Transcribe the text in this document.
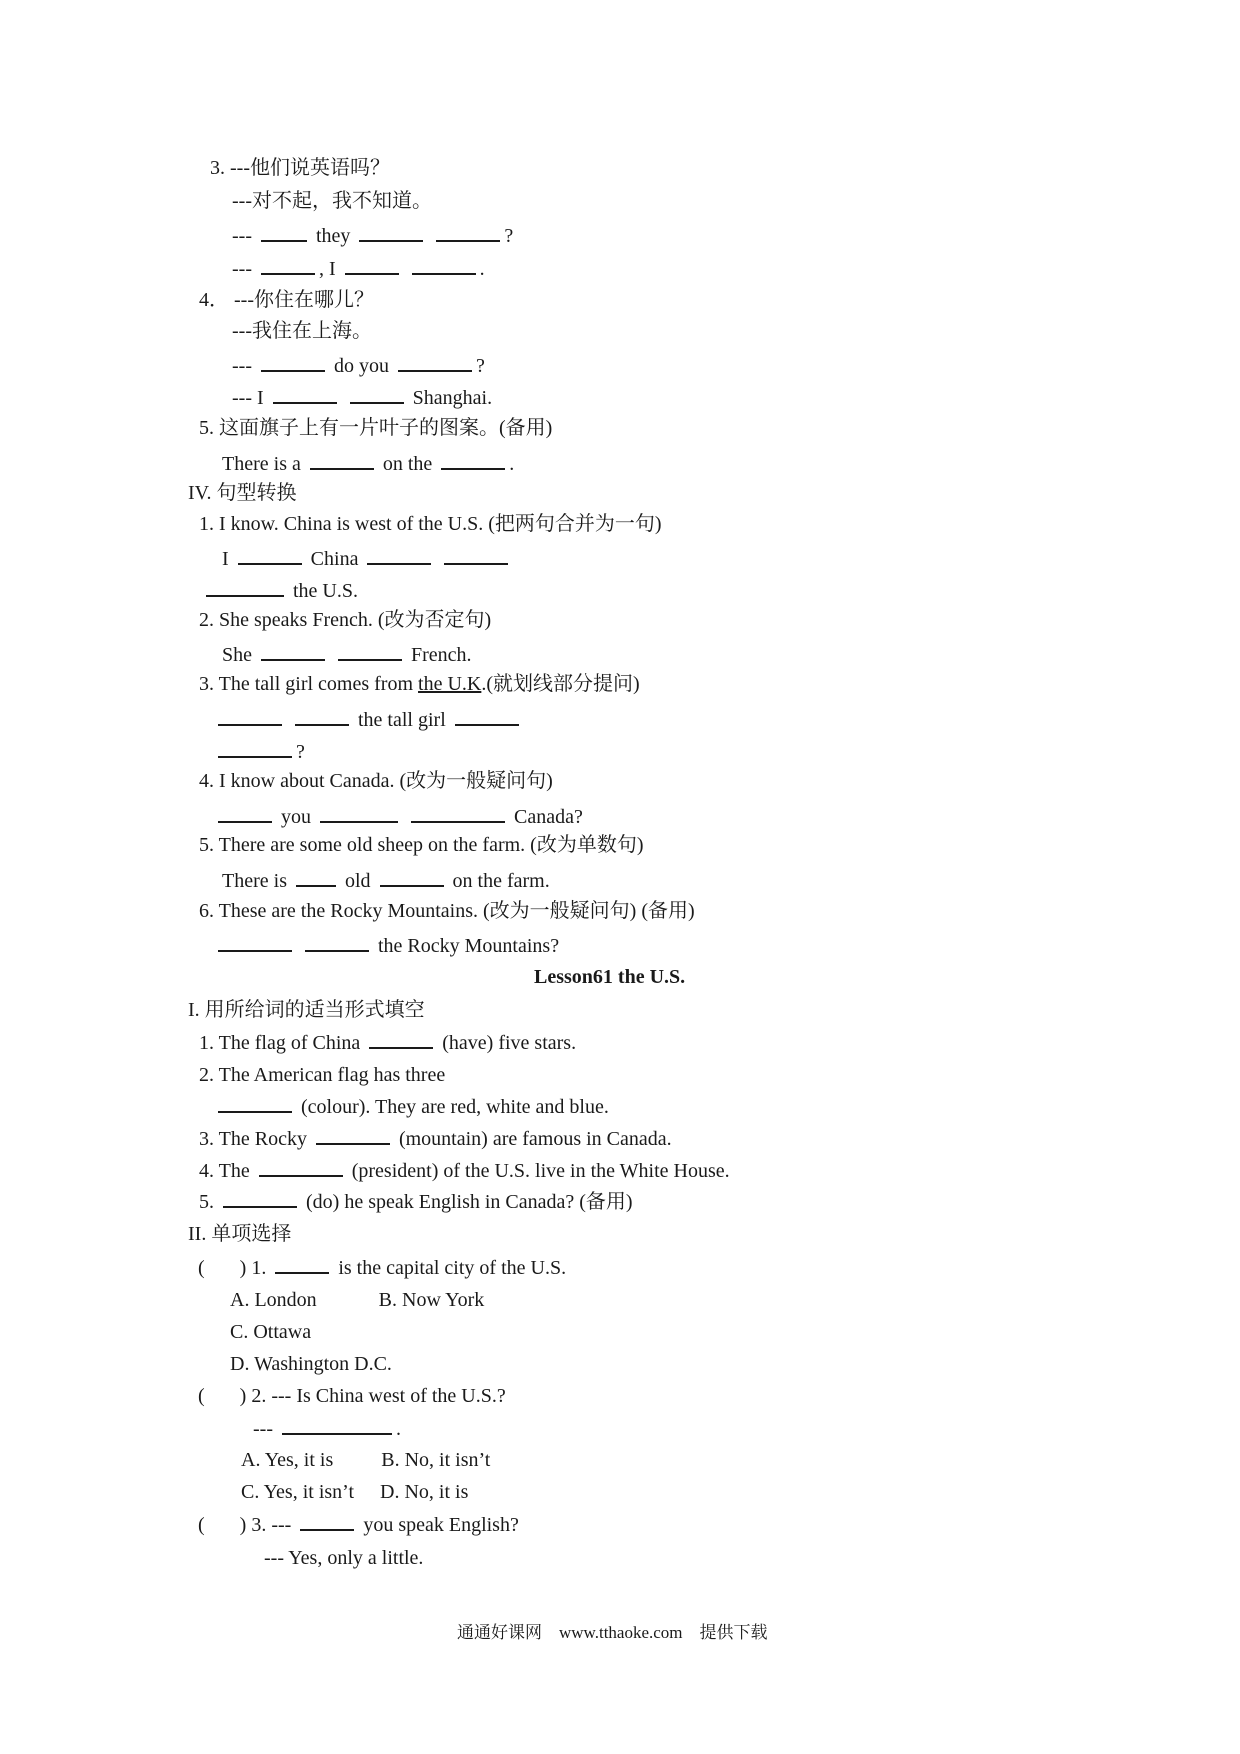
3. ---他们说英语吗？
---对不起，我不知道。
---	they	?
---	, I	.
4． ---你住在哪儿？
---我住在上海。
---	do you	?
--- I	Shanghai.
5. 这面旗子上有一片叶子的图案。(备用)
There is a	on the	.
IV. 句型转换
1. I know. China is west of the U.S. (把两句合并为一句)
I	China
the U.S.
2. She speaks French. (改为否定句)
She	French.
3. The tall girl comes from the U.K.(就划线部分提问)
the tall girl
?
4. I know about Canada. (改为一般疑问句)
you	Canada?
5. There are some old sheep on the farm. (改为单数句)
There is	old	on the farm.
6. These are the Rocky Mountains. (改为一般疑问句) (备用)
the Rocky Mountains?
Lesson61 the U.S.
I. 用所给词的适当形式填空
1. The flag of China	(have) five stars.
2. The American flag has three
(colour). They are red, white and blue.
3. The Rocky	(mountain) are famous in Canada.
4. The	(president) of the U.S. live in the White House.
5.	(do) he speak English in Canada? (备用)
II. 单项选择
( ) 1.	is the capital city of the U.S.
A. London	B. Now York
C. Ottawa
D. Washington D.C.
( ) 2. --- Is China west of the U.S.?
---	.
A. Yes, it is B. No, it isn’t
C. Yes, it isn’t D. No, it is
( ) 3. ---	you speak English?
--- Yes, only a little.
通通好课网　www.tthaoke.com　提供下载
